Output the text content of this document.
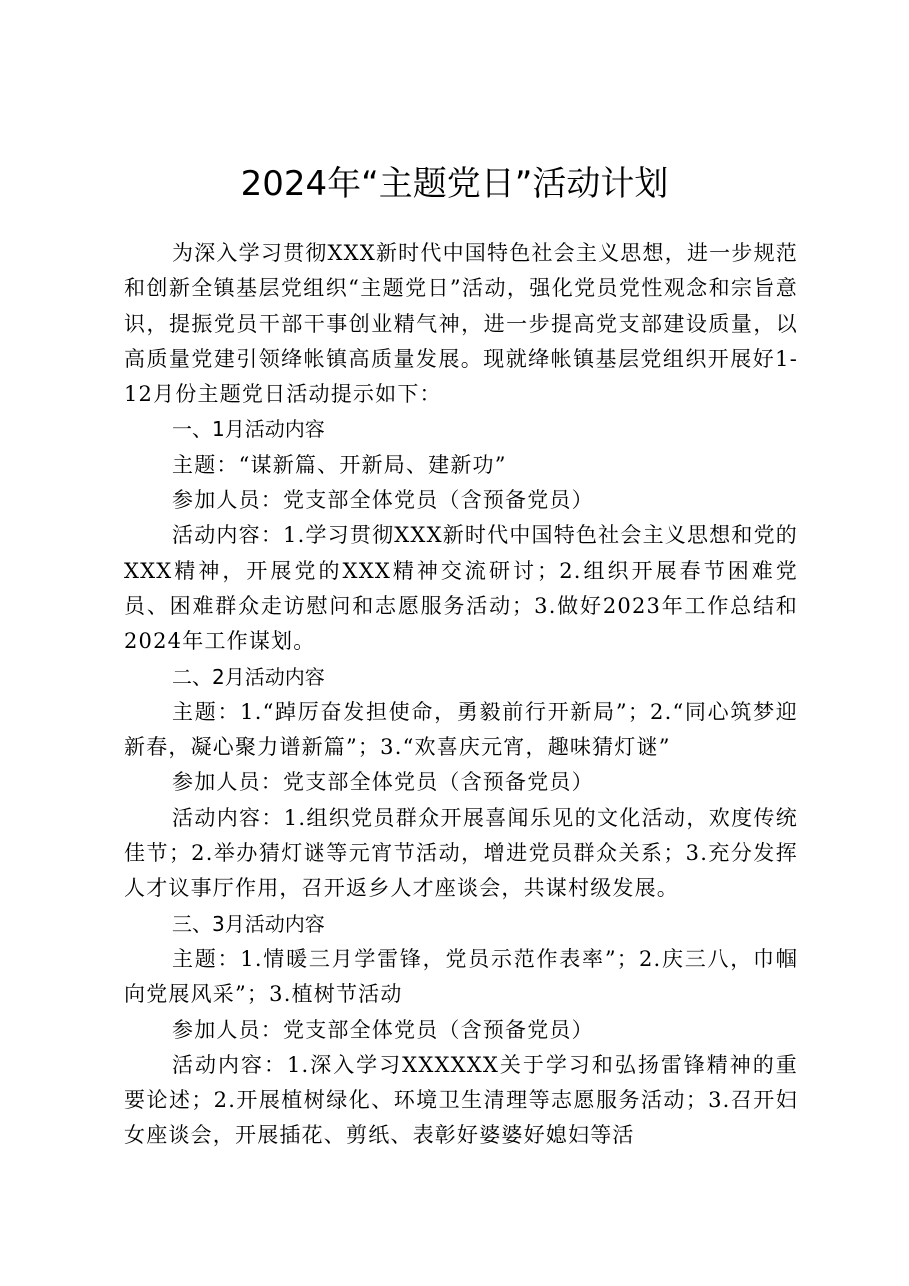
2024年“主题党日”活动计划

为深入学习贯彻XXX新时代中国特色社会主义思想，进一步规范和创新全镇基层党组织“主题党日”活动，强化党员党性观念和宗旨意识，提振党员干部干事创业精气神，进一步提高党支部建设质量，以高质量党建引领绛帐镇高质量发展。现就绛帐镇基层党组织开展好1-12月份主题党日活动提示如下：

一、1月活动内容

主题：“谋新篇、开新局、建新功”

参加人员：党支部全体党员（含预备党员）

活动内容：1.学习贯彻XXX新时代中国特色社会主义思想和党的XXX精神，开展党的XXX精神交流研讨；2.组织开展春节困难党员、困难群众走访慰问和志愿服务活动；3.做好2023年工作总结和2024年工作谋划。

二、2月活动内容

主题：1.“踔厉奋发担使命，勇毅前行开新局”；2.“同心筑梦迎新春，凝心聚力谱新篇”；3.“欢喜庆元宵，趣味猜灯谜”

参加人员：党支部全体党员（含预备党员）

活动内容：1.组织党员群众开展喜闻乐见的文化活动，欢度传统佳节；2.举办猜灯谜等元宵节活动，增进党员群众关系；3.充分发挥人才议事厅作用，召开返乡人才座谈会，共谋村级发展。

三、3月活动内容

主题：1.情暖三月学雷锋，党员示范作表率”；2.庆三八，巾帼向党展风采”；3.植树节活动

参加人员：党支部全体党员（含预备党员）

活动内容：1.深入学习XXXXXX关于学习和弘扬雷锋精神的重要论述；2.开展植树绿化、环境卫生清理等志愿服务活动；3.召开妇女座谈会，开展插花、剪纸、表彰好婆婆好媳妇等活
